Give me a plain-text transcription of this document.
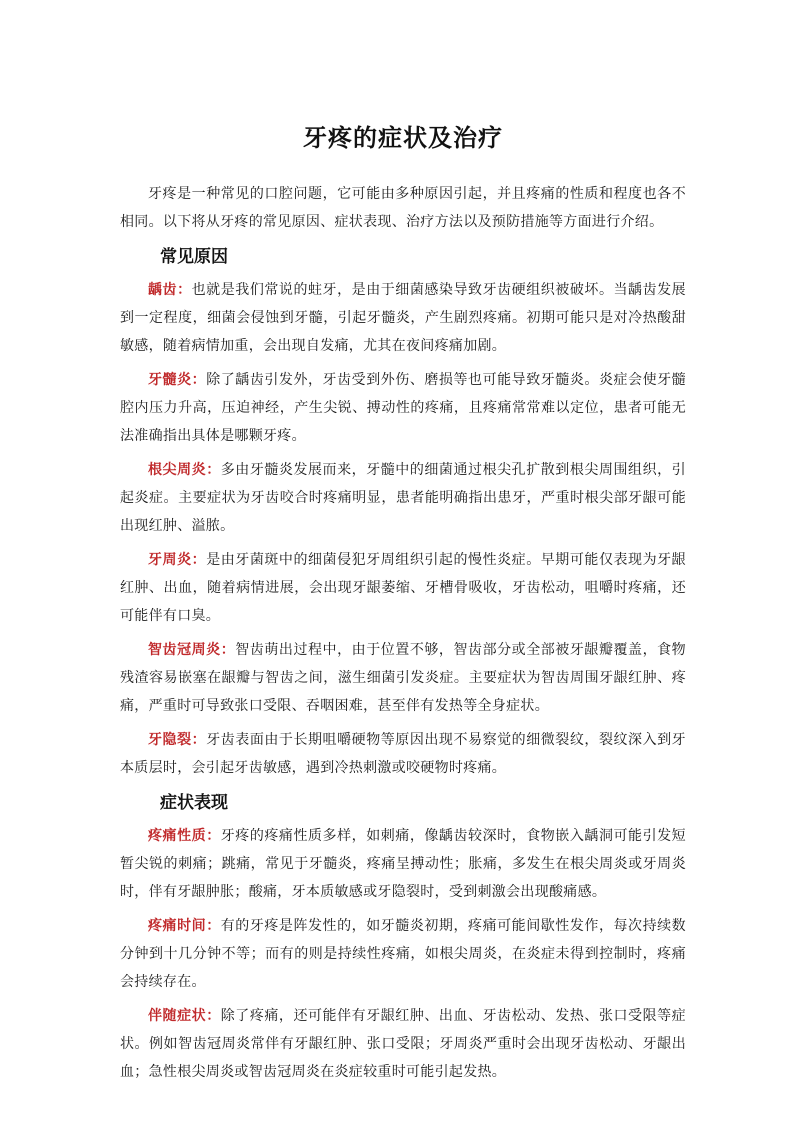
牙疼的症状及治疗

牙疼是一种常见的口腔问题，它可能由多种原因引起，并且疼痛的性质和程度也各不相同。以下将从牙疼的常见原因、症状表现、治疗方法以及预防措施等方面进行介绍。

常见原因

龋齿：也就是我们常说的蛀牙，是由于细菌感染导致牙齿硬组织被破坏。当龋齿发展到一定程度，细菌会侵蚀到牙髓，引起牙髓炎，产生剧烈疼痛。初期可能只是对冷热酸甜敏感，随着病情加重，会出现自发痛，尤其在夜间疼痛加剧。

牙髓炎：除了龋齿引发外，牙齿受到外伤、磨损等也可能导致牙髓炎。炎症会使牙髓腔内压力升高，压迫神经，产生尖锐、搏动性的疼痛，且疼痛常常难以定位，患者可能无法准确指出具体是哪颗牙疼。

根尖周炎：多由牙髓炎发展而来，牙髓中的细菌通过根尖孔扩散到根尖周围组织，引起炎症。主要症状为牙齿咬合时疼痛明显，患者能明确指出患牙，严重时根尖部牙龈可能出现红肿、溢脓。

牙周炎：是由牙菌斑中的细菌侵犯牙周组织引起的慢性炎症。早期可能仅表现为牙龈红肿、出血，随着病情进展，会出现牙龈萎缩、牙槽骨吸收，牙齿松动，咀嚼时疼痛，还可能伴有口臭。

智齿冠周炎：智齿萌出过程中，由于位置不够，智齿部分或全部被牙龈瓣覆盖，食物残渣容易嵌塞在龈瓣与智齿之间，滋生细菌引发炎症。主要症状为智齿周围牙龈红肿、疼痛，严重时可导致张口受限、吞咽困难，甚至伴有发热等全身症状。

牙隐裂：牙齿表面由于长期咀嚼硬物等原因出现不易察觉的细微裂纹，裂纹深入到牙本质层时，会引起牙齿敏感，遇到冷热刺激或咬硬物时疼痛。

症状表现

疼痛性质：牙疼的疼痛性质多样，如刺痛，像龋齿较深时，食物嵌入龋洞可能引发短暂尖锐的刺痛；跳痛，常见于牙髓炎，疼痛呈搏动性；胀痛，多发生在根尖周炎或牙周炎时，伴有牙龈肿胀；酸痛，牙本质敏感或牙隐裂时，受到刺激会出现酸痛感。

疼痛时间：有的牙疼是阵发性的，如牙髓炎初期，疼痛可能间歇性发作，每次持续数分钟到十几分钟不等；而有的则是持续性疼痛，如根尖周炎，在炎症未得到控制时，疼痛会持续存在。

伴随症状：除了疼痛，还可能伴有牙龈红肿、出血、牙齿松动、发热、张口受限等症状。例如智齿冠周炎常伴有牙龈红肿、张口受限；牙周炎严重时会出现牙齿松动、牙龈出血；急性根尖周炎或智齿冠周炎在炎症较重时可能引起发热。
